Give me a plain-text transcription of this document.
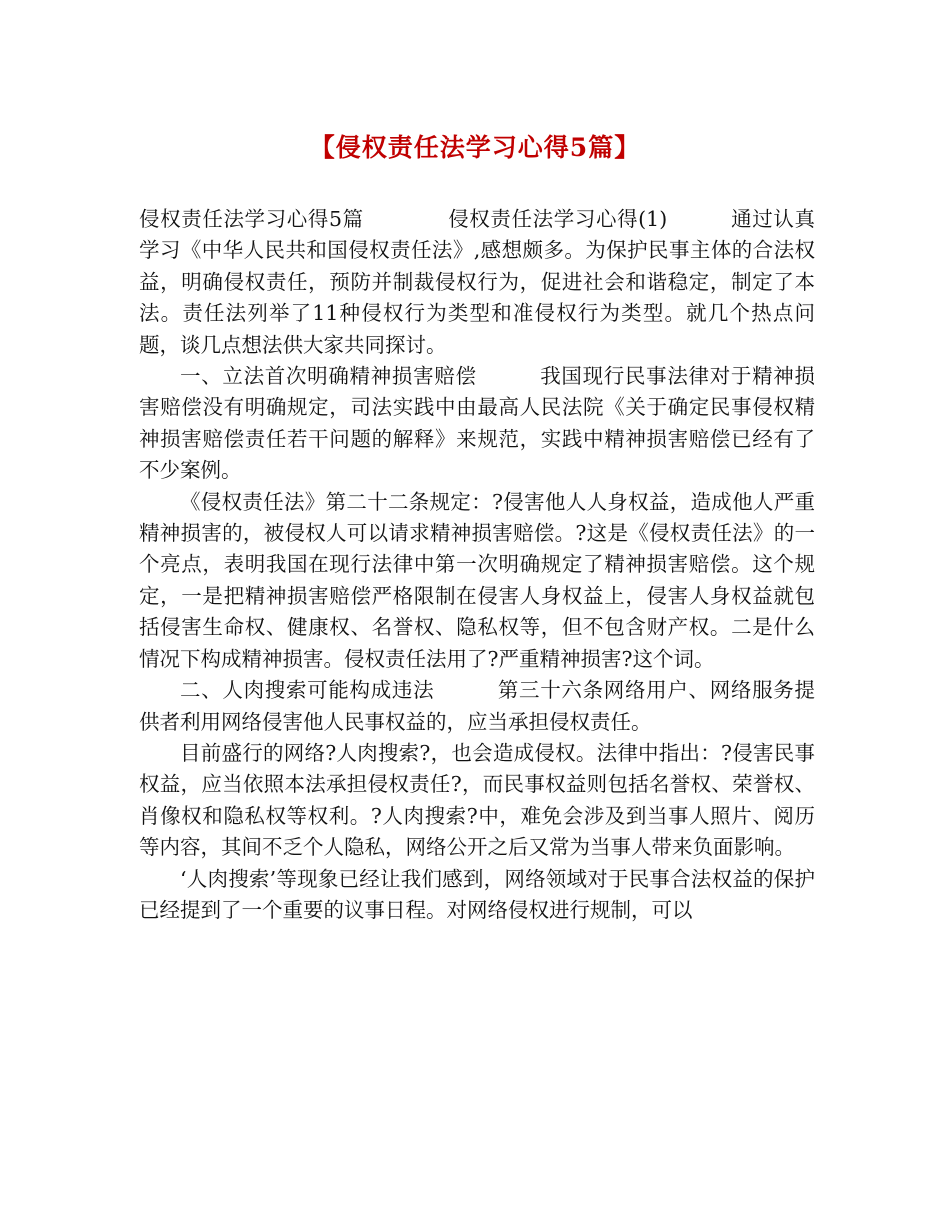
【侵权责任法学习心得5篇】

侵权责任法学习心得5篇　　　　侵权责任法学习心得(1)　　　通过认真学习《中华人民共和国侵权责任法》,感想颇多。为保护民事主体的合法权益，明确侵权责任，预防并制裁侵权行为，促进社会和谐稳定，制定了本法。责任法列举了11种侵权行为类型和准侵权行为类型。就几个热点问题，谈几点想法供大家共同探讨。

一、立法首次明确精神损害赔偿　　　我国现行民事法律对于精神损害赔偿没有明确规定，司法实践中由最高人民法院《关于确定民事侵权精神损害赔偿责任若干问题的解释》来规范，实践中精神损害赔偿已经有了不少案例。

《侵权责任法》第二十二条规定：?侵害他人人身权益，造成他人严重精神损害的，被侵权人可以请求精神损害赔偿。?这是《侵权责任法》的一个亮点，表明我国在现行法律中第一次明确规定了精神损害赔偿。这个规定，一是把精神损害赔偿严格限制在侵害人身权益上，侵害人身权益就包括侵害生命权、健康权、名誉权、隐私权等，但不包含财产权。二是什么情况下构成精神损害。侵权责任法用了?严重精神损害?这个词。

二、人肉搜索可能构成违法　　　第三十六条网络用户、网络服务提供者利用网络侵害他人民事权益的，应当承担侵权责任。

目前盛行的网络?人肉搜索?，也会造成侵权。法律中指出：?侵害民事权益，应当依照本法承担侵权责任?，而民事权益则包括名誉权、荣誉权、肖像权和隐私权等权利。?人肉搜索?中，难免会涉及到当事人照片、阅历等内容，其间不乏个人隐私，网络公开之后又常为当事人带来负面影响。

‘人肉搜索’等现象已经让我们感到，网络领域对于民事合法权益的保护已经提到了一个重要的议事日程。对网络侵权进行规制，可以
